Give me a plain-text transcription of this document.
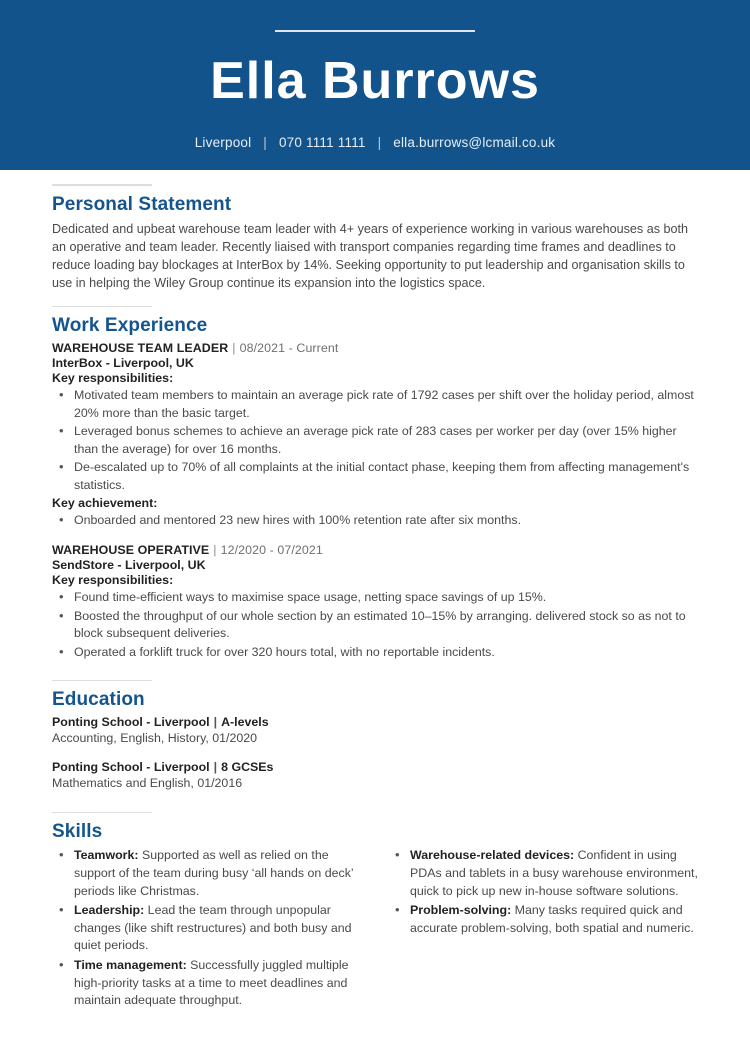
Ella Burrows
Liverpool | 070 1111 1111 | ella.burrows@lcmail.co.uk
Personal Statement

Dedicated and upbeat warehouse team leader with 4+ years of experience working in various warehouses as both an operative and team leader. Recently liaised with transport companies regarding time frames and deadlines to reduce loading bay blockages at InterBox by 14%. Seeking opportunity to put leadership and organisation skills to use in helping the Wiley Group continue its expansion into the logistics space.

Work Experience
WAREHOUSE TEAM LEADER | 08/2021 - Current
InterBox - Liverpool, UK
Key responsibilities:
• Motivated team members to maintain an average pick rate of 1792 cases per shift over the holiday period, almost 20% more than the basic target.
• Leveraged bonus schemes to achieve an average pick rate of 283 cases per worker per day (over 15% higher than the average) for over 16 months.
• De-escalated up to 70% of all complaints at the initial contact phase, keeping them from affecting management's statistics.
Key achievement:
• Onboarded and mentored 23 new hires with 100% retention rate after six months.
WAREHOUSE OPERATIVE | 12/2020 - 07/2021
SendStore - Liverpool, UK
Key responsibilities:
• Found time-efficient ways to maximise space usage, netting space savings of up 15%.
• Boosted the throughput of our whole section by an estimated 10–15% by arranging. delivered stock so as not to block subsequent deliveries.
• Operated a forklift truck for over 320 hours total, with no reportable incidents.
Education
Ponting School - Liverpool | A-levels
Accounting, English, History, 01/2020
Ponting School - Liverpool | 8 GCSEs
Mathematics and English, 01/2016
Skills
• Teamwork: Supported as well as relied on the support of the team during busy ‘all hands on deck’ periods like Christmas.
• Leadership: Lead the team through unpopular changes (like shift restructures) and both busy and quiet periods.
• Time management: Successfully juggled multiple high-priority tasks at a time to meet deadlines and maintain adequate throughput.
• Warehouse-related devices: Confident in using PDAs and tablets in a busy warehouse environment, quick to pick up new in-house software solutions.
• Problem-solving: Many tasks required quick and accurate problem-solving, both spatial and numeric.
